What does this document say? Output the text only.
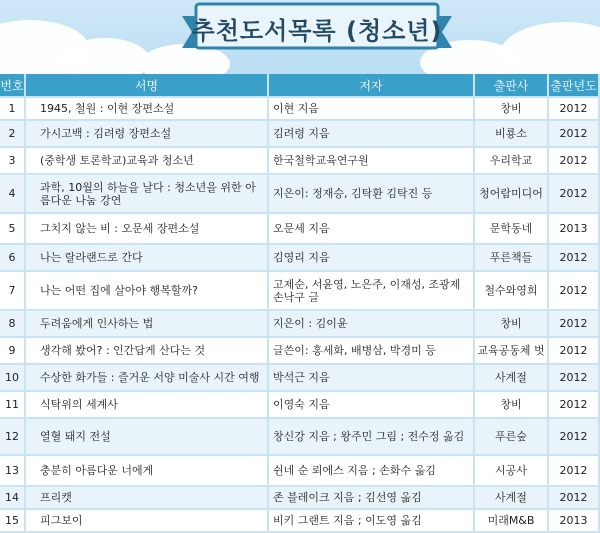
추천도서목록 (청소년)
번호	서명	저자	출판사	출판년도
1	1945, 철원 : 이현 장편소설	이현 지음	창비	2012
2	가시고백 : 김려령 장편소설	김려령 지음	비룡소	2012
3	(중학생 토론학교)교육과 청소년	한국철학교육연구원	우리학교	2012
4	과학, 10월의 하늘을 날다 : 청소년을 위한 아름다운 나눔 강연	지은이: 정재승, 김탁환 김탁진 등	청어람미디어	2012
5	그치지 않는 비 : 오문세 장편소설	오문세 지음	문학동네	2013
6	나는 랄라랜드로 간다	김영리 지음	푸른책들	2012
7	나는 어떤 집에 살아야 행복할까?	고제순, 서윤영, 노은주, 이재성, 조광제 손낙구 글	철수와영희	2012
8	두려움에게 인사하는 법	지은이 : 김이윤	창비	2012
9	생각해 봤어? : 인간답게 산다는 것	글쓴이: 홍세화, 배병삼, 박경미 등	교육공동체 벗	2012
10	수상한 화가들 : 즐거운 서양 미술사 시간 여행	박석근 지음	사계절	2012
11	식탁위의 세계사	이영숙 지음	창비	2012
12	열혈 돼지 전설	창신강 지음 ; 왕주민 그림 ; 전수정 옮김	푸른숲	2012
13	충분히 아름다운 너에게	쉰네 순 뢰에스 지음 ; 손화수 옮김	시공사	2012
14	프리캣	존 블레이크 지음 ; 김선영 옮김	사계절	2012
15	피그보이	비키 그랜트 지음 ; 이도영 옮김	미래M&B	2013
